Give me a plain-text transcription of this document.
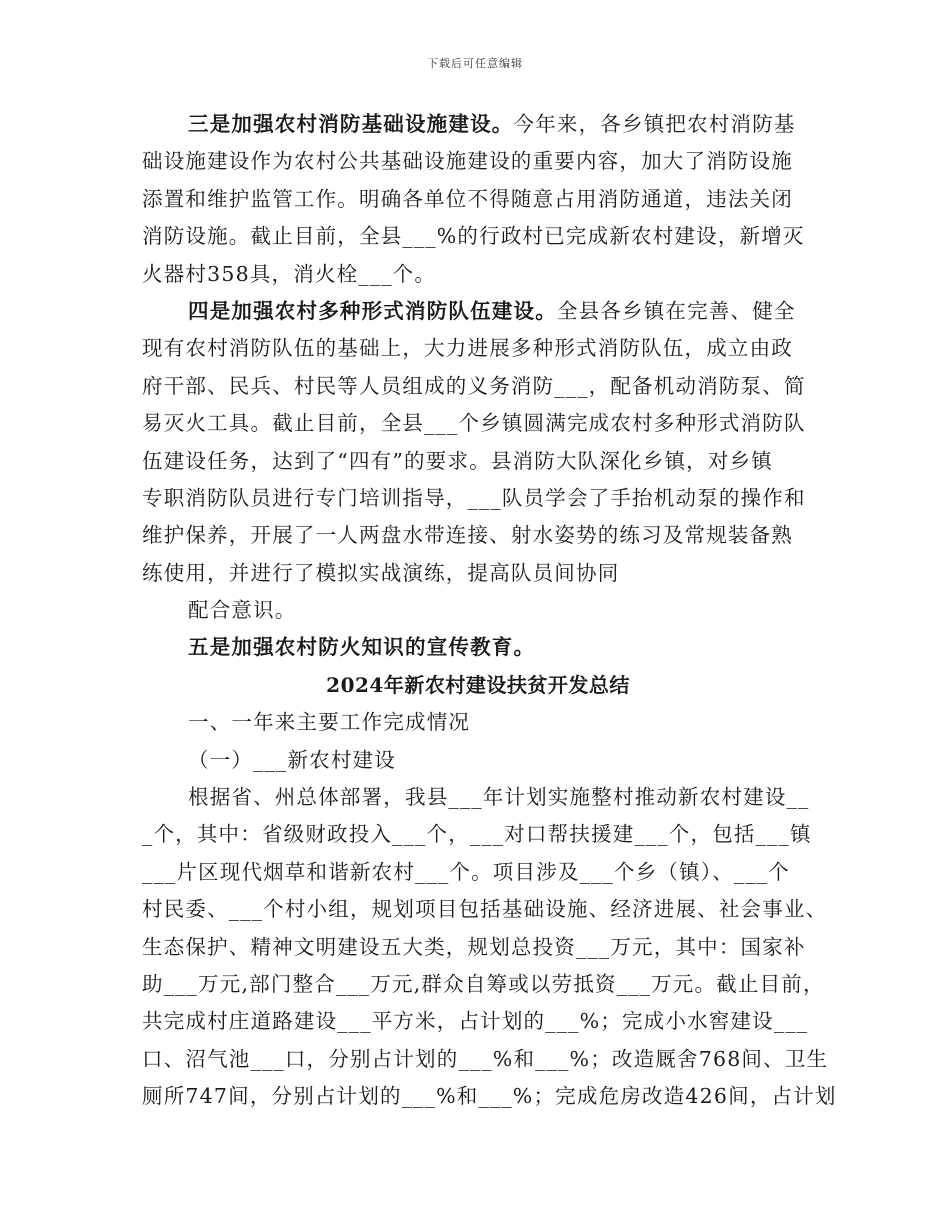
下载后可任意编辑
三是加强农村消防基础设施建设。今年来，各乡镇把农村消防基
础设施建设作为农村公共基础设施建设的重要内容，加大了消防设施
添置和维护监管工作。明确各单位不得随意占用消防通道，违法关闭
消防设施。截止目前，全县___%的行政村已完成新农村建设，新增灭
火器村358具，消火栓___个。
四是加强农村多种形式消防队伍建设。全县各乡镇在完善、健全
现有农村消防队伍的基础上，大力进展多种形式消防队伍，成立由政
府干部、民兵、村民等人员组成的义务消防___，配备机动消防泵、简
易灭火工具。截止目前，全县___个乡镇圆满完成农村多种形式消防队
伍建设任务，达到了“四有”的要求。县消防大队深化乡镇，对乡镇
专职消防队员进行专门培训指导，___队员学会了手抬机动泵的操作和
维护保养，开展了一人两盘水带连接、射水姿势的练习及常规装备熟
练使用，并进行了模拟实战演练，提高队员间协同
配合意识。
五是加强农村防火知识的宣传教育。
2024年新农村建设扶贫开发总结
一、一年来主要工作完成情况
（一）___新农村建设
根据省、州总体部署，我县___年计划实施整村推动新农村建设__
_个，其中：省级财政投入___个，___对口帮扶援建___个，包括___镇
___片区现代烟草和谐新农村___个。项目涉及___个乡（镇）、___个
村民委、___个村小组，规划项目包括基础设施、经济进展、社会事业、
生态保护、精神文明建设五大类，规划总投资___万元，其中：国家补
助___万元,部门整合___万元,群众自筹或以劳抵资___万元。截止目前，
共完成村庄道路建设___平方米，占计划的___%；完成小水窖建设___
口、沼气池___口，分别占计划的___%和___%；改造厩舍768间、卫生
厕所747间，分别占计划的___%和___%；完成危房改造426间，占计划
